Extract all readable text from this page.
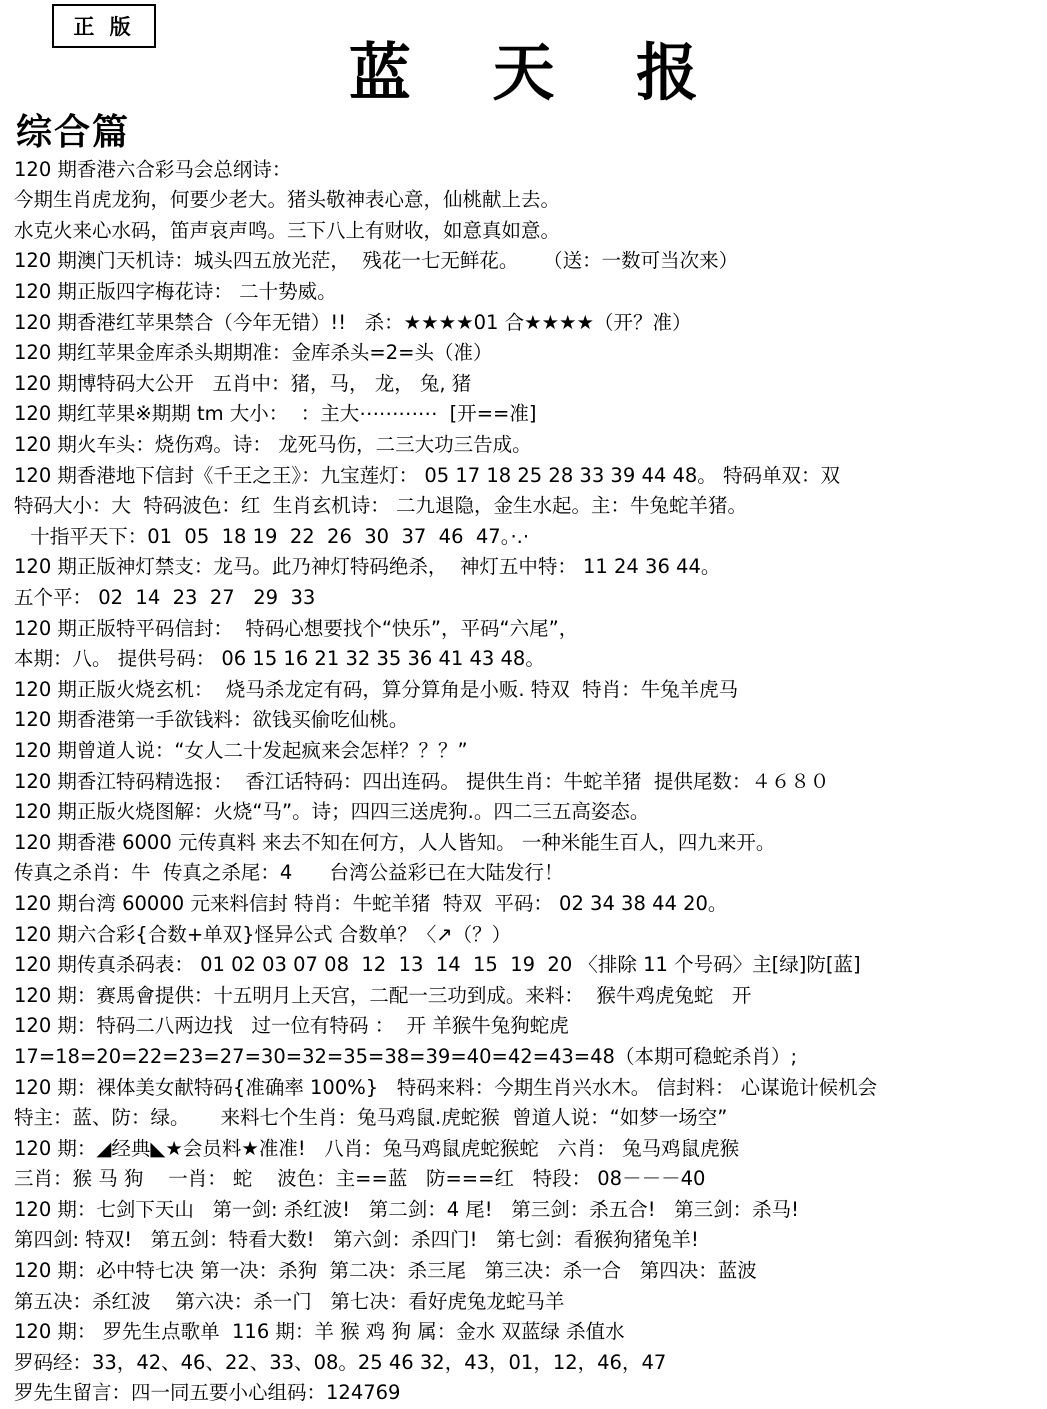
正 版
蓝 天 报
综合篇
120 期香港六合彩马会总纲诗：
今期生肖虎龙狗，何要少老大。猪头敬神表心意，仙桃献上去。
水克火来心水码，笛声哀声鸣。三下八上有财收，如意真如意。
120 期澳门天机诗：城头四五放光茫，  残花一七无鲜花。    （送：一数可当次来）
120 期正版四字梅花诗： 二十势威。
120 期香港红苹果禁合（今年无错）!!   杀：★★★★01 合★★★★（开？准）
120 期红苹果金库杀头期期准：金库杀头=2=头（准）
120 期博特码大公开   五肖中：猪，马， 龙， 兔, 猪
120 期红苹果※期期 tm 大小：  ：主大⋯⋯⋯⋯  [开==准]
120 期火车头：烧伤鸡。诗： 龙死马伤，二三大功三告成。
120 期香港地下信封《千王之王》：九宝莲灯： 05 17 18 25 28 33 39 44 48。 特码单双：双
特码大小：大  特码波色：红  生肖玄机诗： 二九退隐，金生水起。主：牛兔蛇羊猪。
十指平天下：01  05  18 19  22  26  30  37  46  47。·.·
120 期正版神灯禁支：龙马。此乃神灯特码绝杀，  神灯五中特： 11 24 36 44。
五个平： 02  14  23  27   29  33
120 期正版特平码信封：  特码心想要找个“快乐”，平码“六尾”，
本期：八。 提供号码： 06 15 16 21 32 35 36 41 43 48。
120 期正版火烧玄机：  烧马杀龙定有码，算分算角是小贩. 特双  特肖：牛兔羊虎马
120 期香港第一手欲钱料：欲钱买偷吃仙桃。
120 期曾道人说：“女人二十发起疯来会怎样？？？”
120 期香江特码精选报：  香江话特码：四出连码。 提供生肖：牛蛇羊猪  提供尾数：４６８０
120 期正版火烧图解：火烧“马”。诗；四四三送虎狗.。四二三五高姿态。
120 期香港 6000 元传真料 来去不知在何方，人人皆知。 一种米能生百人，四九来开。
传真之杀肖：牛  传真之杀尾：4      台湾公益彩已在大陆发行！
120 期台湾 60000 元来料信封 特肖：牛蛇羊猪  特双  平码： 02 34 38 44 20。
120 期六合彩{合数+单双}怪异公式 合数单？〈↗（？）
120 期传真杀码表： 01 02 03 07 08  12  13  14  15  19  20 〈排除 11 个号码〉主[绿]防[蓝]
120 期：赛馬會提供：十五明月上天宫，二配一三功到成。来料：  猴牛鸡虎兔蛇   开
120 期：特码二八两边找   过一位有特码 ：  开 羊猴牛兔狗蛇虎
17=18=20=22=23=27=30=32=35=38=39=40=42=43=48（本期可稳蛇杀肖）;
120 期：裸体美女献特码{准确率 100%}   特码来料：今期生肖兴水木。 信封料： 心谋诡计候机会
特主：蓝、防：绿。     来料七个生肖：兔马鸡鼠.虎蛇猴  曾道人说：“如梦一场空”
120 期：◢经典◣★会员料★准准!   八肖：兔马鸡鼠虎蛇猴蛇   六肖： 兔马鸡鼠虎猴
三肖：猴 马 狗    一肖： 蛇    波色：主==蓝   防===红   特段： 08－－－40
120 期：七剑下天山   第一剑: 杀红波!   第二剑：4 尾!   第三剑：杀五合!   第三剑：杀马!
第四剑: 特双!   第五剑：特看大数!   第六剑：杀四门!   第七剑：看猴狗猪兔羊!
120 期：必中特七决 第一决：杀狗  第二决：杀三尾   第三决：杀一合   第四决：蓝波
第五决：杀红波    第六决：杀一门   第七决：看好虎兔龙蛇马羊
120 期： 罗先生点歌单  116 期：羊 猴 鸡 狗 属：金水 双蓝绿 杀值水
罗码经：33，42、46、22、33、08。25 46 32，43，01，12，46，47
罗先生留言：四一同五要小心组码：124769
